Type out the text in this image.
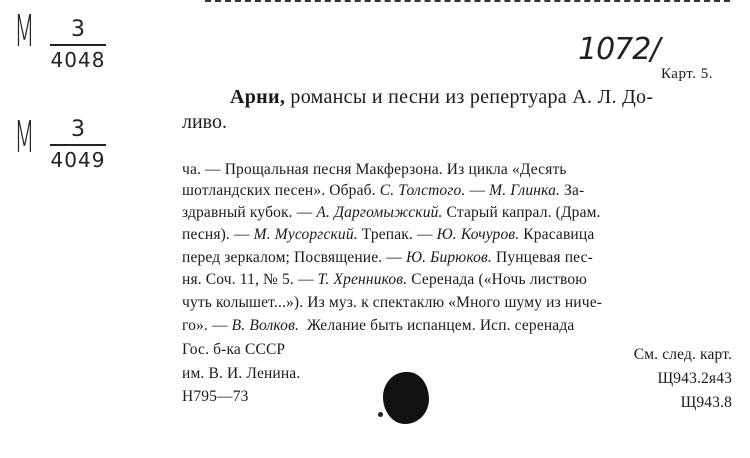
М 3
4048
М 3
4049
1072/
Карт. 5.
Арни, романсы и песни из репертуара А. Л. До-
ливо.
ча. — Прощальная песня Макферзона. Из цикла «Десять
шотландских песен». Обраб. С. Толстого. — М. Глинка. За-
здравный кубок. — А. Даргомыжский. Старый капрал. (Драм.
песня). — М. Мусоргский. Трепак. — Ю. Кочуров. Красавица
перед зеркалом; Посвящение. — Ю. Бирюков. Пунцевая пес-
ня. Соч. 11, № 5. — Т. Хренников. Серенада («Ночь листвою
чуть колышет...»). Из муз. к спектаклю «Много шуму из ниче-
го». — В. Волков.  Желание быть испанцем. Исп. серенада
Гос. б-ка СССР
им. В. И. Ленина.
Н795—73
См. след. карт.
Щ943.2я43
Щ943.8
